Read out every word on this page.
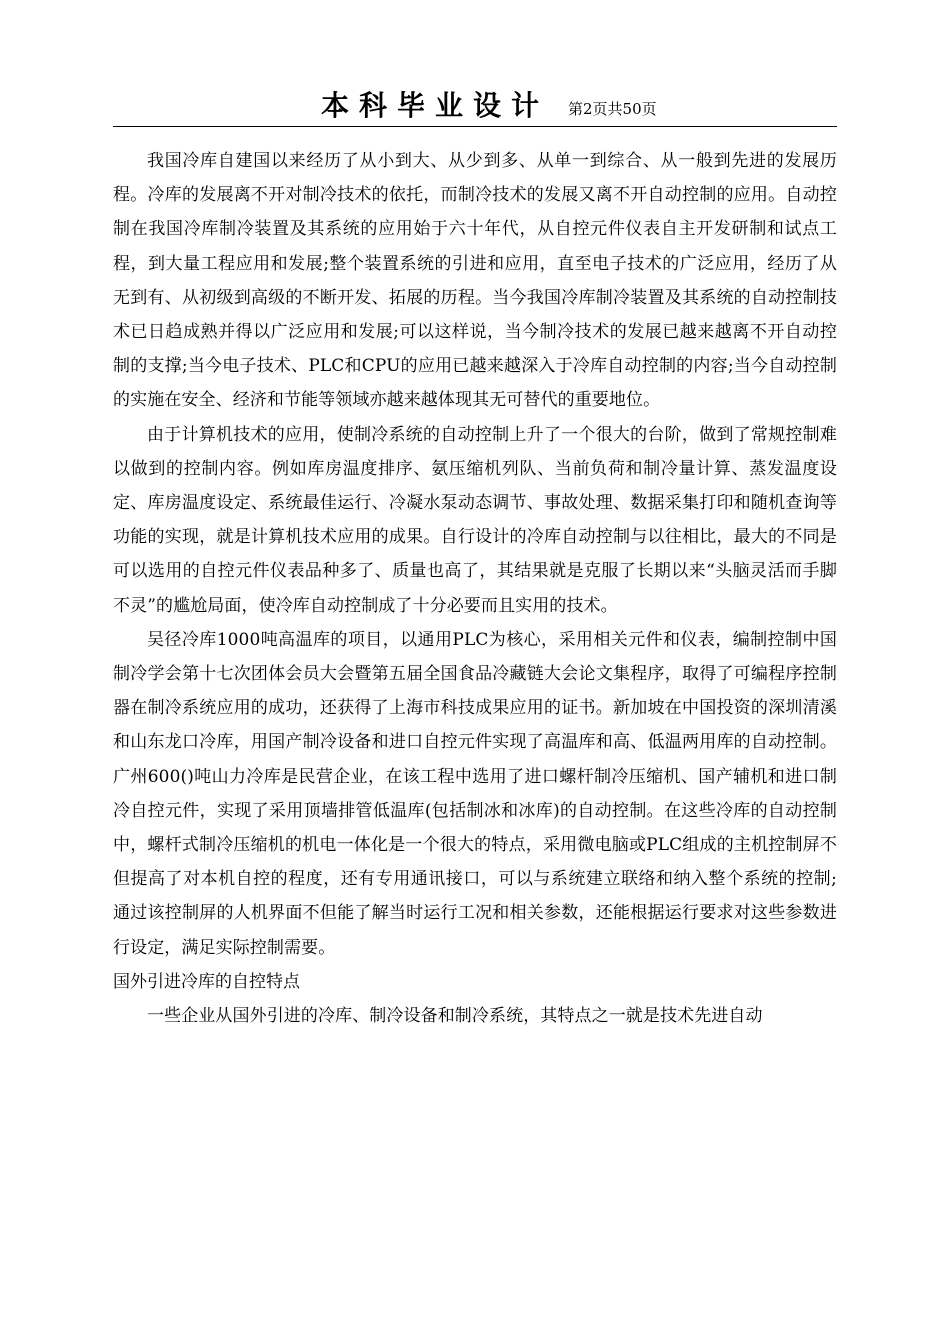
本科毕业设计 第2页共50页

我国冷库自建国以来经历了从小到大、从少到多、从单一到综合、从一般到先进的发展历程。冷库的发展离不开对制冷技术的依托，而制冷技术的发展又离不开自动控制的应用。自动控制在我国冷库制冷装置及其系统的应用始于六十年代，从自控元件仪表自主开发研制和试点工程，到大量工程应用和发展;整个装置系统的引进和应用，直至电子技术的广泛应用，经历了从无到有、从初级到高级的不断开发、拓展的历程。当今我国冷库制冷装置及其系统的自动控制技术已日趋成熟并得以广泛应用和发展;可以这样说，当今制冷技术的发展已越来越离不开自动控制的支撑;当今电子技术、PLC和CPU的应用已越来越深入于冷库自动控制的内容;当今自动控制的实施在安全、经济和节能等领域亦越来越体现其无可替代的重要地位。

由于计算机技术的应用，使制冷系统的自动控制上升了一个很大的台阶，做到了常规控制难以做到的控制内容。例如库房温度排序、氨压缩机列队、当前负荷和制冷量计算、蒸发温度设定、库房温度设定、系统最佳运行、冷凝水泵动态调节、事故处理、数据采集打印和随机查询等功能的实现，就是计算机技术应用的成果。自行设计的冷库自动控制与以往相比，最大的不同是可以选用的自控元件仪表品种多了、质量也高了，其结果就是克服了长期以来“头脑灵活而手脚不灵”的尴尬局面，使冷库自动控制成了十分必要而且实用的技术。

吴径冷库1000吨高温库的项目，以通用PLC为核心，采用相关元件和仪表，编制控制中国制冷学会第十七次团体会员大会暨第五届全国食品冷藏链大会论文集程序，取得了可编程序控制器在制冷系统应用的成功，还获得了上海市科技成果应用的证书。新加坡在中国投资的深圳清溪和山东龙口冷库，用国产制冷设备和进口自控元件实现了高温库和高、低温两用库的自动控制。广州600()吨山力冷库是民营企业，在该工程中选用了进口螺杆制冷压缩机、国产辅机和进口制冷自控元件，实现了采用顶墙排管低温库(包括制冰和冰库)的自动控制。在这些冷库的自动控制中，螺杆式制冷压缩机的机电一体化是一个很大的特点，采用微电脑或PLC组成的主机控制屏不但提高了对本机自控的程度，还有专用通讯接口，可以与系统建立联络和纳入整个系统的控制;通过该控制屏的人机界面不但能了解当时运行工况和相关参数，还能根据运行要求对这些参数进行设定，满足实际控制需要。

国外引进冷库的自控特点

一些企业从国外引进的冷库、制冷设备和制冷系统，其特点之一就是技术先进自动
